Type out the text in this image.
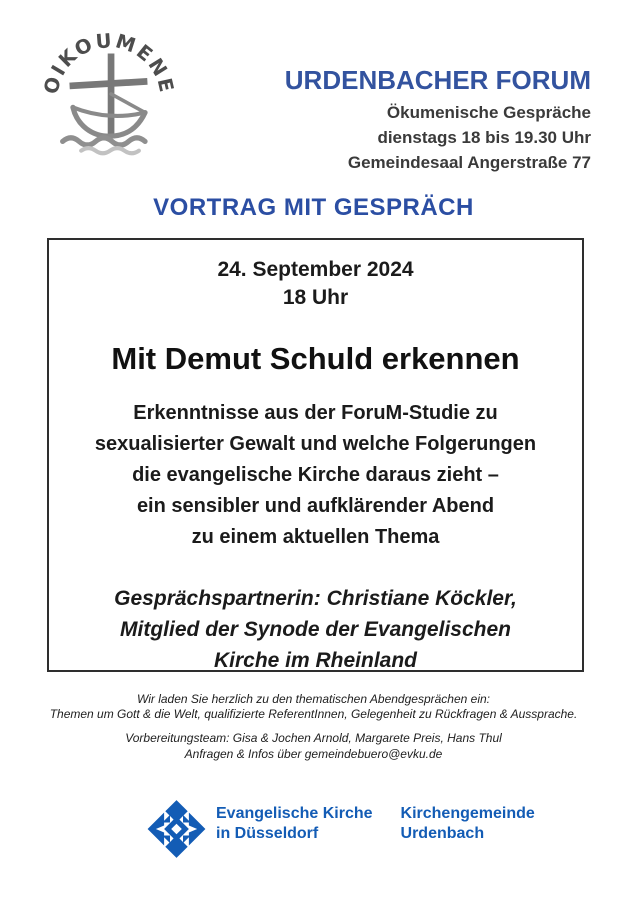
OIKOUMENE	URDENBACHER FORUM
Ökumenische Gespräche
dienstags 18 bis 19.30 Uhr
Gemeindesaal Angerstraße 77
VORTRAG MIT GESPRÄCH
24. September 2024
18 Uhr
Mit Demut Schuld erkennen
Erkenntnisse aus der ForuM-Studie zu
sexualisierter Gewalt und welche Folgerungen
die evangelische Kirche daraus zieht –
ein sensibler und aufklärender Abend
zu einem aktuellen Thema
Gesprächspartnerin: Christiane Köckler,
Mitglied der Synode der Evangelischen
Kirche im Rheinland
Wir laden Sie herzlich zu den thematischen Abendgesprächen ein:
Themen um Gott & die Welt, qualifizierte ReferentInnen, Gelegenheit zu Rückfragen & Aussprache.
Vorbereitungsteam: Gisa & Jochen Arnold, Margarete Preis, Hans Thul
Anfragen & Infos über gemeindebuero@evku.de
Evangelische Kirche
in Düsseldorf
Kirchengemeinde
Urdenbach
